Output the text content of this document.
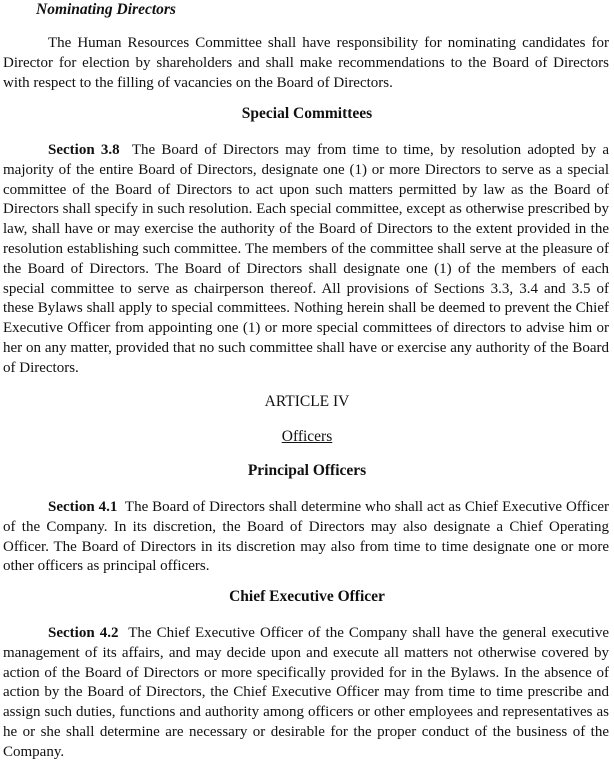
Nominating Directors

The Human Resources Committee shall have responsibility for nominating candidates for Director for election by shareholders and shall make recommendations to the Board of Directors with respect to the filling of vacancies on the Board of Directors.

Special Committees

Section 3.8 The Board of Directors may from time to time, by resolution adopted by a majority of the entire Board of Directors, designate one (1) or more Directors to serve as a special committee of the Board of Directors to act upon such matters permitted by law as the Board of Directors shall specify in such resolution. Each special committee, except as otherwise prescribed by law, shall have or may exercise the authority of the Board of Directors to the extent provided in the resolution establishing such committee. The members of the committee shall serve at the pleasure of the Board of Directors. The Board of Directors shall designate one (1) of the members of each special committee to serve as chairperson thereof. All provisions of Sections 3.3, 3.4 and 3.5 of these Bylaws shall apply to special committees. Nothing herein shall be deemed to prevent the Chief Executive Officer from appointing one (1) or more special committees of directors to advise him or her on any matter, provided that no such committee shall have or exercise any authority of the Board of Directors.

ARTICLE IV

Officers

Principal Officers

Section 4.1 The Board of Directors shall determine who shall act as Chief Executive Officer of the Company. In its discretion, the Board of Directors may also designate a Chief Operating Officer. The Board of Directors in its discretion may also from time to time designate one or more other officers as principal officers.

Chief Executive Officer

Section 4.2 The Chief Executive Officer of the Company shall have the general executive management of its affairs, and may decide upon and execute all matters not otherwise covered by action of the Board of Directors or more specifically provided for in the Bylaws. In the absence of action by the Board of Directors, the Chief Executive Officer may from time to time prescribe and assign such duties, functions and authority among officers or other employees and representatives as he or she shall determine are necessary or desirable for the proper conduct of the business of the Company.
